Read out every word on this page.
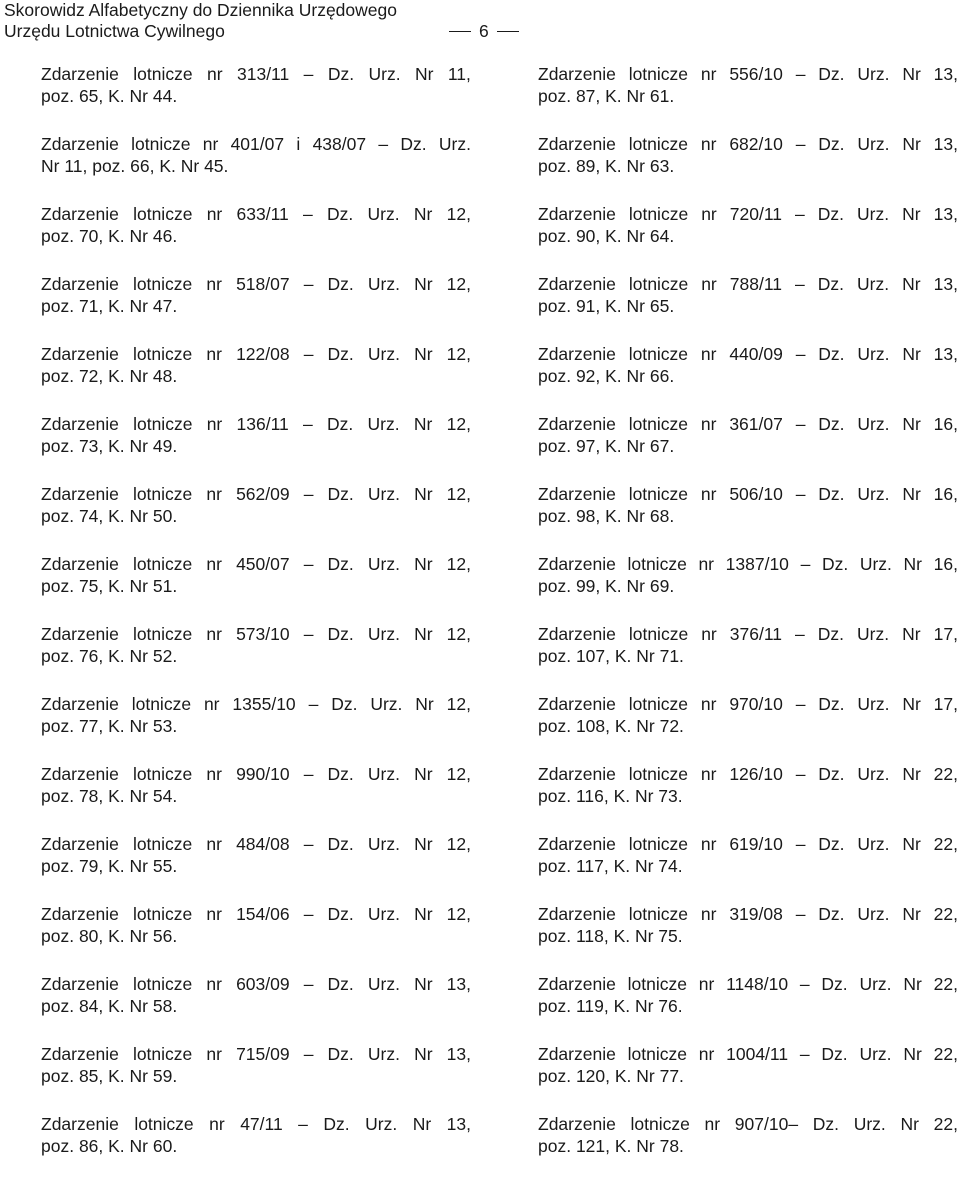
Skorowidz Alfabetyczny do Dziennika Urzędowego
Urzędu Lotnictwa Cywilnego	6
Zdarzenie lotnicze nr 313/11 – Dz. Urz. Nr 11,
poz. 65, K. Nr 44.
Zdarzenie lotnicze nr 401/07 i 438/07 – Dz. Urz.
Nr 11, poz. 66, K. Nr 45.
Zdarzenie lotnicze nr 633/11 – Dz. Urz. Nr 12,
poz. 70, K. Nr 46.
Zdarzenie lotnicze nr 518/07 – Dz. Urz. Nr 12,
poz. 71, K. Nr 47.
Zdarzenie lotnicze nr 122/08 – Dz. Urz. Nr 12,
poz. 72, K. Nr 48.
Zdarzenie lotnicze nr 136/11 – Dz. Urz. Nr 12,
poz. 73, K. Nr 49.
Zdarzenie lotnicze nr 562/09 – Dz. Urz. Nr 12,
poz. 74, K. Nr 50.
Zdarzenie lotnicze nr 450/07 – Dz. Urz. Nr 12,
poz. 75, K. Nr 51.
Zdarzenie lotnicze nr 573/10 – Dz. Urz. Nr 12,
poz. 76, K. Nr 52.
Zdarzenie lotnicze nr 1355/10 – Dz. Urz. Nr 12,
poz. 77, K. Nr 53.
Zdarzenie lotnicze nr 990/10 – Dz. Urz. Nr 12,
poz. 78, K. Nr 54.
Zdarzenie lotnicze nr 484/08 – Dz. Urz. Nr 12,
poz. 79, K. Nr 55.
Zdarzenie lotnicze nr 154/06 – Dz. Urz. Nr 12,
poz. 80, K. Nr 56.
Zdarzenie lotnicze nr 603/09 – Dz. Urz. Nr 13,
poz. 84, K. Nr 58.
Zdarzenie lotnicze nr 715/09 – Dz. Urz. Nr 13,
poz. 85, K. Nr 59.
Zdarzenie lotnicze nr 47/11 – Dz. Urz. Nr 13,
poz. 86, K. Nr 60.
Zdarzenie lotnicze nr 556/10 – Dz. Urz. Nr 13,
poz. 87, K. Nr 61.
Zdarzenie lotnicze nr 682/10 – Dz. Urz. Nr 13,
poz. 89, K. Nr 63.
Zdarzenie lotnicze nr 720/11 – Dz. Urz. Nr 13,
poz. 90, K. Nr 64.
Zdarzenie lotnicze nr 788/11 – Dz. Urz. Nr 13,
poz. 91, K. Nr 65.
Zdarzenie lotnicze nr 440/09 – Dz. Urz. Nr 13,
poz. 92, K. Nr 66.
Zdarzenie lotnicze nr 361/07 – Dz. Urz. Nr 16,
poz. 97, K. Nr 67.
Zdarzenie lotnicze nr 506/10 – Dz. Urz. Nr 16,
poz. 98, K. Nr 68.
Zdarzenie lotnicze nr 1387/10 – Dz. Urz. Nr 16,
poz. 99, K. Nr 69.
Zdarzenie lotnicze nr 376/11 – Dz. Urz. Nr 17,
poz. 107, K. Nr 71.
Zdarzenie lotnicze nr 970/10 – Dz. Urz. Nr 17,
poz. 108, K. Nr 72.
Zdarzenie lotnicze nr 126/10 – Dz. Urz. Nr 22,
poz. 116, K. Nr 73.
Zdarzenie lotnicze nr 619/10 – Dz. Urz. Nr 22,
poz. 117, K. Nr 74.
Zdarzenie lotnicze nr 319/08 – Dz. Urz. Nr 22,
poz. 118, K. Nr 75.
Zdarzenie lotnicze nr 1148/10 – Dz. Urz. Nr 22,
poz. 119, K. Nr 76.
Zdarzenie lotnicze nr 1004/11 – Dz. Urz. Nr 22,
poz. 120, K. Nr 77.
Zdarzenie lotnicze nr 907/10– Dz. Urz. Nr 22,
poz. 121, K. Nr 78.
